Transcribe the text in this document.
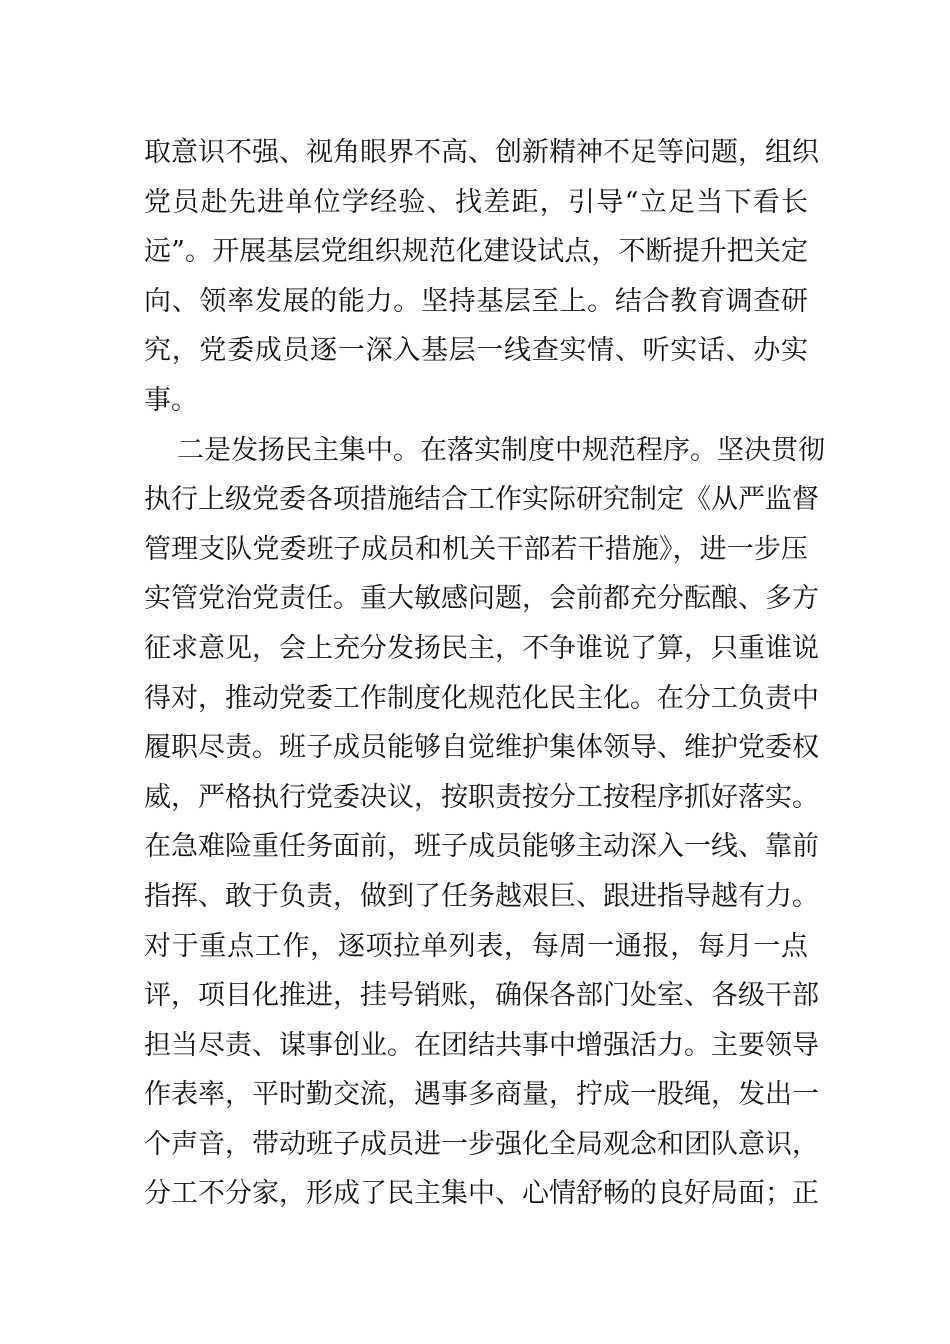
取意识不强、视角眼界不高、创新精神不足等问题，组织
党员赴先进单位学经验、找差距，引导“立足当下看长
远”。开展基层党组织规范化建设试点，不断提升把关定
向、领率发展的能力。坚持基层至上。结合教育调查研
究，党委成员逐一深入基层一线查实情、听实话、办实
事。
二是发扬民主集中。在落实制度中规范程序。坚决贯彻
执行上级党委各项措施结合工作实际研究制定《从严监督
管理支队党委班子成员和机关干部若干措施》，进一步压
实管党治党责任。重大敏感问题，会前都充分酝酿、多方
征求意见，会上充分发扬民主，不争谁说了算，只重谁说
得对，推动党委工作制度化规范化民主化。在分工负责中
履职尽责。班子成员能够自觉维护集体领导、维护党委权
威，严格执行党委决议，按职责按分工按程序抓好落实。
在急难险重任务面前，班子成员能够主动深入一线、靠前
指挥、敢于负责，做到了任务越艰巨、跟进指导越有力。
对于重点工作，逐项拉单列表，每周一通报，每月一点
评，项目化推进，挂号销账，确保各部门处室、各级干部
担当尽责、谋事创业。在团结共事中增强活力。主要领导
作表率，平时勤交流，遇事多商量，拧成一股绳，发出一
个声音，带动班子成员进一步强化全局观念和团队意识，
分工不分家，形成了民主集中、心情舒畅的良好局面；正
